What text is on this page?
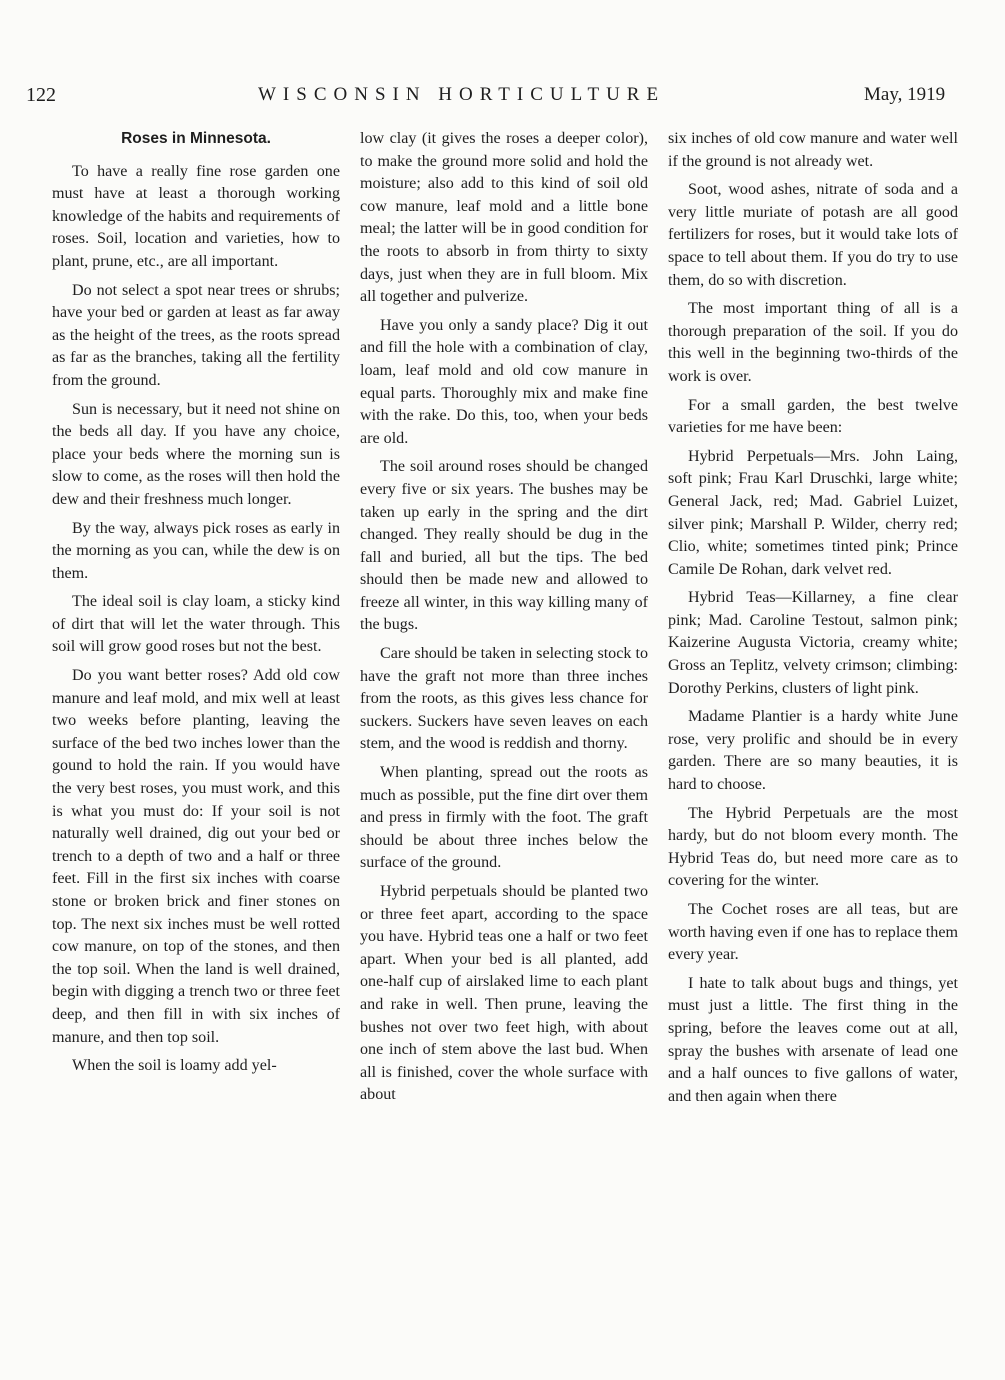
122	WISCONSIN HORTICULTURE	May, 1919
Roses in Minnesota.

To have a really fine rose garden one must have at least a thorough working knowledge of the habits and requirements of roses. Soil, location and varieties, how to plant, prune, etc., are all important.

Do not select a spot near trees or shrubs; have your bed or garden at least as far away as the height of the trees, as the roots spread as far as the branches, taking all the fertility from the ground.

Sun is necessary, but it need not shine on the beds all day. If you have any choice, place your beds where the morning sun is slow to come, as the roses will then hold the dew and their freshness much longer.

By the way, always pick roses as early in the morning as you can, while the dew is on them.

The ideal soil is clay loam, a sticky kind of dirt that will let the water through. This soil will grow good roses but not the best.

Do you want better roses? Add old cow manure and leaf mold, and mix well at least two weeks before planting, leaving the surface of the bed two inches lower than the gound to hold the rain. If you would have the very best roses, you must work, and this is what you must do: If your soil is not naturally well drained, dig out your bed or trench to a depth of two and a half or three feet. Fill in the first six inches with coarse stone or broken brick and finer stones on top. The next six inches must be well rotted cow manure, on top of the stones, and then the top soil. When the land is well drained, begin with digging a trench two or three feet deep, and then fill in with six inches of manure, and then top soil.

When the soil is loamy add yel-

low clay (it gives the roses a deeper color), to make the ground more solid and hold the moisture; also add to this kind of soil old cow manure, leaf mold and a little bone meal; the latter will be in good condition for the roots to absorb in from thirty to sixty days, just when they are in full bloom. Mix all together and pulverize.

Have you only a sandy place? Dig it out and fill the hole with a combination of clay, loam, leaf mold and old cow manure in equal parts. Thoroughly mix and make fine with the rake. Do this, too, when your beds are old.

The soil around roses should be changed every five or six years. The bushes may be taken up early in the spring and the dirt changed. They really should be dug in the fall and buried, all but the tips. The bed should then be made new and allowed to freeze all winter, in this way killing many of the bugs.

Care should be taken in selecting stock to have the graft not more than three inches from the roots, as this gives less chance for suckers. Suckers have seven leaves on each stem, and the wood is reddish and thorny.

When planting, spread out the roots as much as possible, put the fine dirt over them and press in firmly with the foot. The graft should be about three inches below the surface of the ground.

Hybrid perpetuals should be planted two or three feet apart, according to the space you have. Hybrid teas one a half or two feet apart. When your bed is all planted, add one-half cup of airslaked lime to each plant and rake in well. Then prune, leaving the bushes not over two feet high, with about one inch of stem above the last bud. When all is finished, cover the whole surface with about

six inches of old cow manure and water well if the ground is not already wet.

Soot, wood ashes, nitrate of soda and a very little muriate of potash are all good fertilizers for roses, but it would take lots of space to tell about them. If you do try to use them, do so with discretion.

The most important thing of all is a thorough preparation of the soil. If you do this well in the beginning two-thirds of the work is over.

For a small garden, the best twelve varieties for me have been:

Hybrid Perpetuals—Mrs. John Laing, soft pink; Frau Karl Druschki, large white; General Jack, red; Mad. Gabriel Luizet, silver pink; Marshall P. Wilder, cherry red; Clio, white; sometimes tinted pink; Prince Camile De Rohan, dark velvet red.

Hybrid Teas—Killarney, a fine clear pink; Mad. Caroline Testout, salmon pink; Kaizerine Augusta Victoria, creamy white; Gross an Teplitz, velvety crimson; climbing: Dorothy Perkins, clusters of light pink.

Madame Plantier is a hardy white June rose, very prolific and should be in every garden. There are so many beauties, it is hard to choose.

The Hybrid Perpetuals are the most hardy, but do not bloom every month. The Hybrid Teas do, but need more care as to covering for the winter.

The Cochet roses are all teas, but are worth having even if one has to replace them every year.

I hate to talk about bugs and things, yet must just a little. The first thing in the spring, before the leaves come out at all, spray the bushes with arsenate of lead one and a half ounces to five gallons of water, and then again when there
